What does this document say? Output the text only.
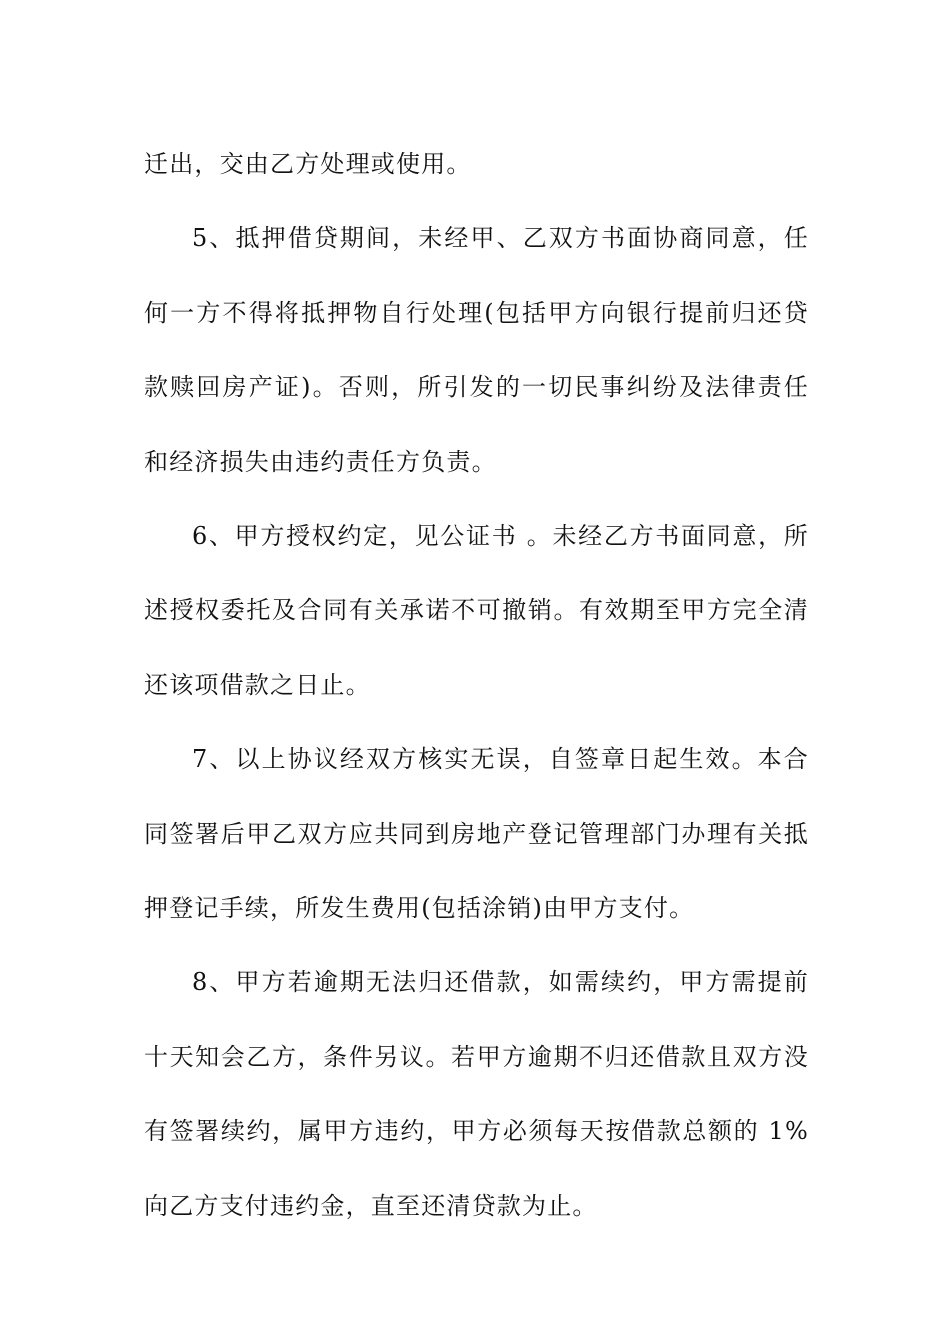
迁出，交由乙方处理或使用。

5、抵押借贷期间，未经甲、乙双方书面协商同意，任何一方不得将抵押物自行处理(包括甲方向银行提前归还贷款赎回房产证)。否则，所引发的一切民事纠纷及法律责任和经济损失由违约责任方负责。

6、甲方授权约定，见公证书 。未经乙方书面同意，所述授权委托及合同有关承诺不可撤销。有效期至甲方完全清还该项借款之日止。

7、以上协议经双方核实无误，自签章日起生效。本合同签署后甲乙双方应共同到房地产登记管理部门办理有关抵押登记手续，所发生费用(包括涂销)由甲方支付。

8、甲方若逾期无法归还借款，如需续约，甲方需提前十天知会乙方，条件另议。若甲方逾期不归还借款且双方没有签署续约，属甲方违约，甲方必须每天按借款总额的 1%向乙方支付违约金，直至还清贷款为止。
